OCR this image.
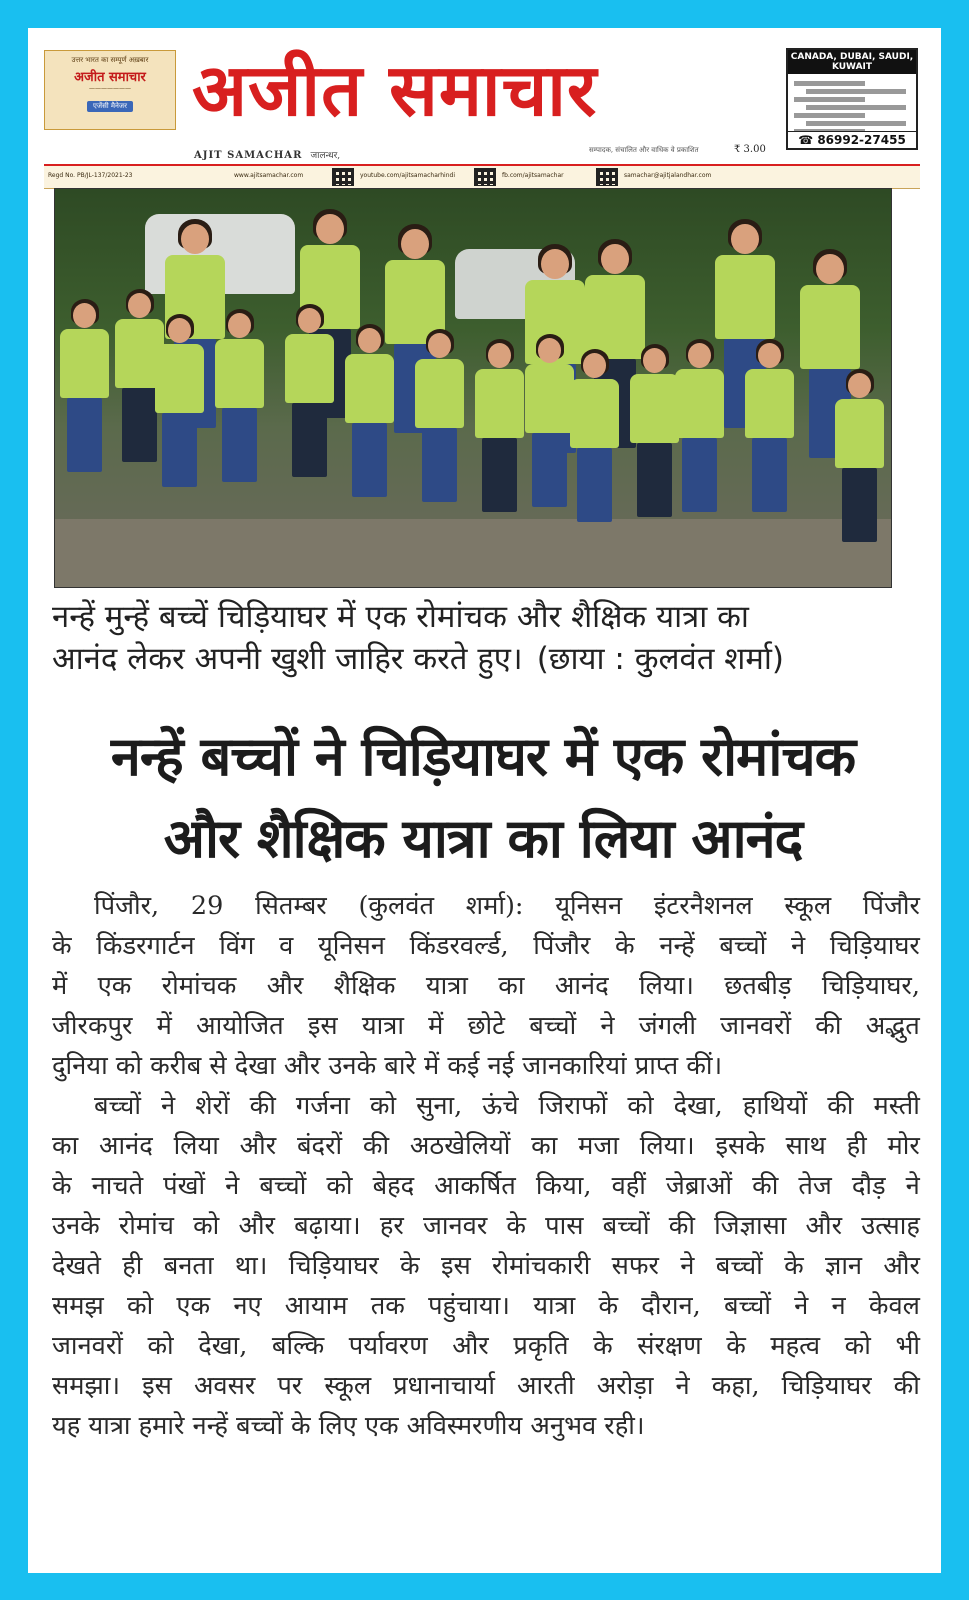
उत्तर भारत का सम्पूर्ण अख़बार
अजीत समाचार
———————
एजेंसी मैनेजर अजीत समाचार
AJIT SAMACHAR जालन्धर,
सम्पादक, संचालित और वाधिक वे प्रकाशित	₹ 3.00
CANADA, DUBAI, SAUDI, KUWAIT
☎ 86992-27455
Regd No. PB/JL-137/2021-23	www.ajitsamachar.com	youtube.com/ajitsamacharhindi	fb.com/ajitsamachar	samachar@ajitjalandhar.com
नन्हें मुन्हें बच्चें चिड़ियाघर में एक रोमांचक और शैक्षिक यात्रा का
आनंद लेकर अपनी खुशी जाहिर करते हुए। (छाया : कुलवंत शर्मा)
नन्हें बच्चों ने चिड़ियाघर में एक रोमांचक
और शैक्षिक यात्रा का लिया आनंद
पिंजौर, 29 सितम्बर (कुलवंत शर्मा): यूनिसन इंटरनैशनल स्कूल पिंजौर
के किंडरगार्टन विंग व यूनिसन किंडरवर्ल्ड, पिंजौर के नन्हें बच्चों ने चिड़ियाघर
में एक रोमांचक और शैक्षिक यात्रा का आनंद लिया। छतबीड़ चिड़ियाघर,
जीरकपुर में आयोजित इस यात्रा में छोटे बच्चों ने जंगली जानवरों की अद्भुत
दुनिया को करीब से देखा और उनके बारे में कई नई जानकारियां प्राप्त कीं।
बच्चों ने शेरों की गर्जना को सुना, ऊंचे जिराफों को देखा, हाथियों की मस्ती
का आनंद लिया और बंदरों की अठखेलियों का मजा लिया। इसके साथ ही मोर
के नाचते पंखों ने बच्चों को बेहद आकर्षित किया, वहीं जेब्राओं की तेज दौड़ ने
उनके रोमांच को और बढ़ाया। हर जानवर के पास बच्चों की जिज्ञासा और उत्साह
देखते ही बनता था। चिड़ियाघर के इस रोमांचकारी सफर ने बच्चों के ज्ञान और
समझ को एक नए आयाम तक पहुंचाया। यात्रा के दौरान, बच्चों ने न केवल
जानवरों को देखा, बल्कि पर्यावरण और प्रकृति के संरक्षण के महत्व को भी
समझा। इस अवसर पर स्कूल प्रधानाचार्या आरती अरोड़ा ने कहा, चिड़ियाघर की
यह यात्रा हमारे नन्हें बच्चों के लिए एक अविस्मरणीय अनुभव रही।
